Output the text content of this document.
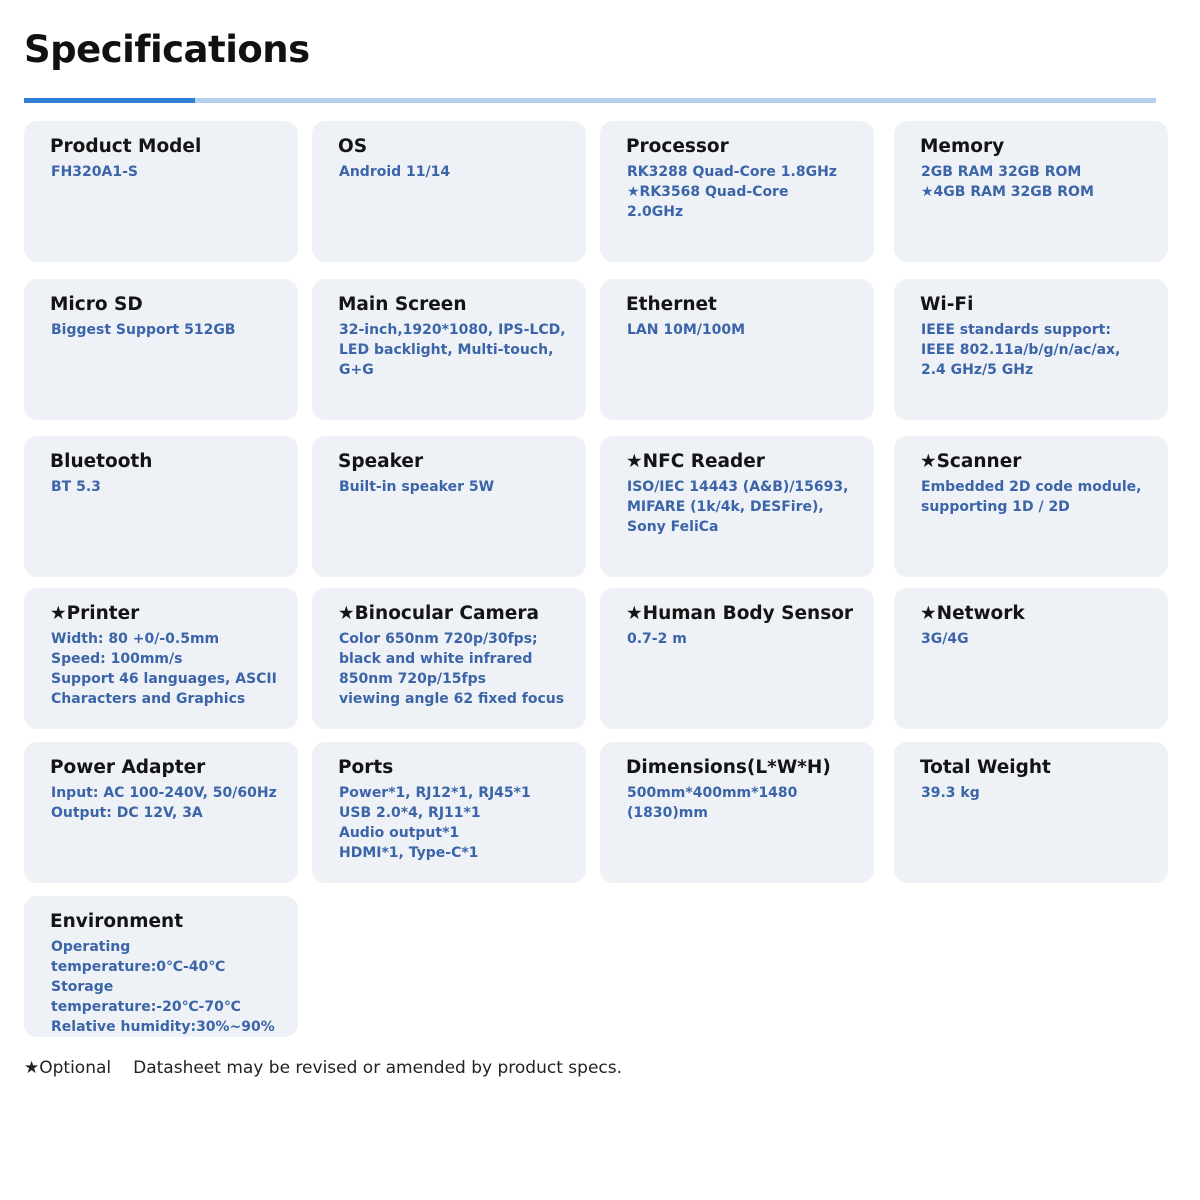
Specifications
Product Model
FH320A1-S
OS
Android 11/14
Processor
RK3288 Quad-Core 1.8GHz
★RK3568 Quad-Core
2.0GHz
Memory
2GB RAM 32GB ROM
★4GB RAM 32GB ROM
Micro SD
Biggest Support 512GB
Main Screen
32-inch,1920*1080, IPS-LCD,
LED backlight, Multi-touch,
G+G
Ethernet
LAN 10M/100M
Wi-Fi
IEEE standards support:
IEEE 802.11a/b/g/n/ac/ax,
2.4 GHz/5 GHz
Bluetooth
BT 5.3
Speaker
Built-in speaker 5W
★NFC Reader
ISO/IEC 14443 (A&B)/15693,
MIFARE (1k/4k, DESFire),
Sony FeliCa
★Scanner
Embedded 2D code module,
supporting 1D / 2D
★Printer
Width: 80 +0/-0.5mm
Speed: 100mm/s
Support 46 languages, ASCII
Characters and Graphics
★Binocular Camera
Color 650nm 720p/30fps;
black and white infrared
850nm 720p/15fps
viewing angle 62 fixed focus
★Human Body Sensor
0.7-2 m
★Network
3G/4G
Power Adapter
Input: AC 100-240V, 50/60Hz
Output: DC 12V, 3A
Ports
Power*1, RJ12*1, RJ45*1
USB 2.0*4, RJ11*1
Audio output*1
HDMI*1, Type-C*1
Dimensions(L*W*H)
500mm*400mm*1480
(1830)mm
Total Weight
39.3 kg
Environment
Operating
temperature:0℃-40℃
Storage temperature:-20℃-70℃
Relative humidity:30%~90%
★Optional Datasheet may be revised or amended by product specs.
